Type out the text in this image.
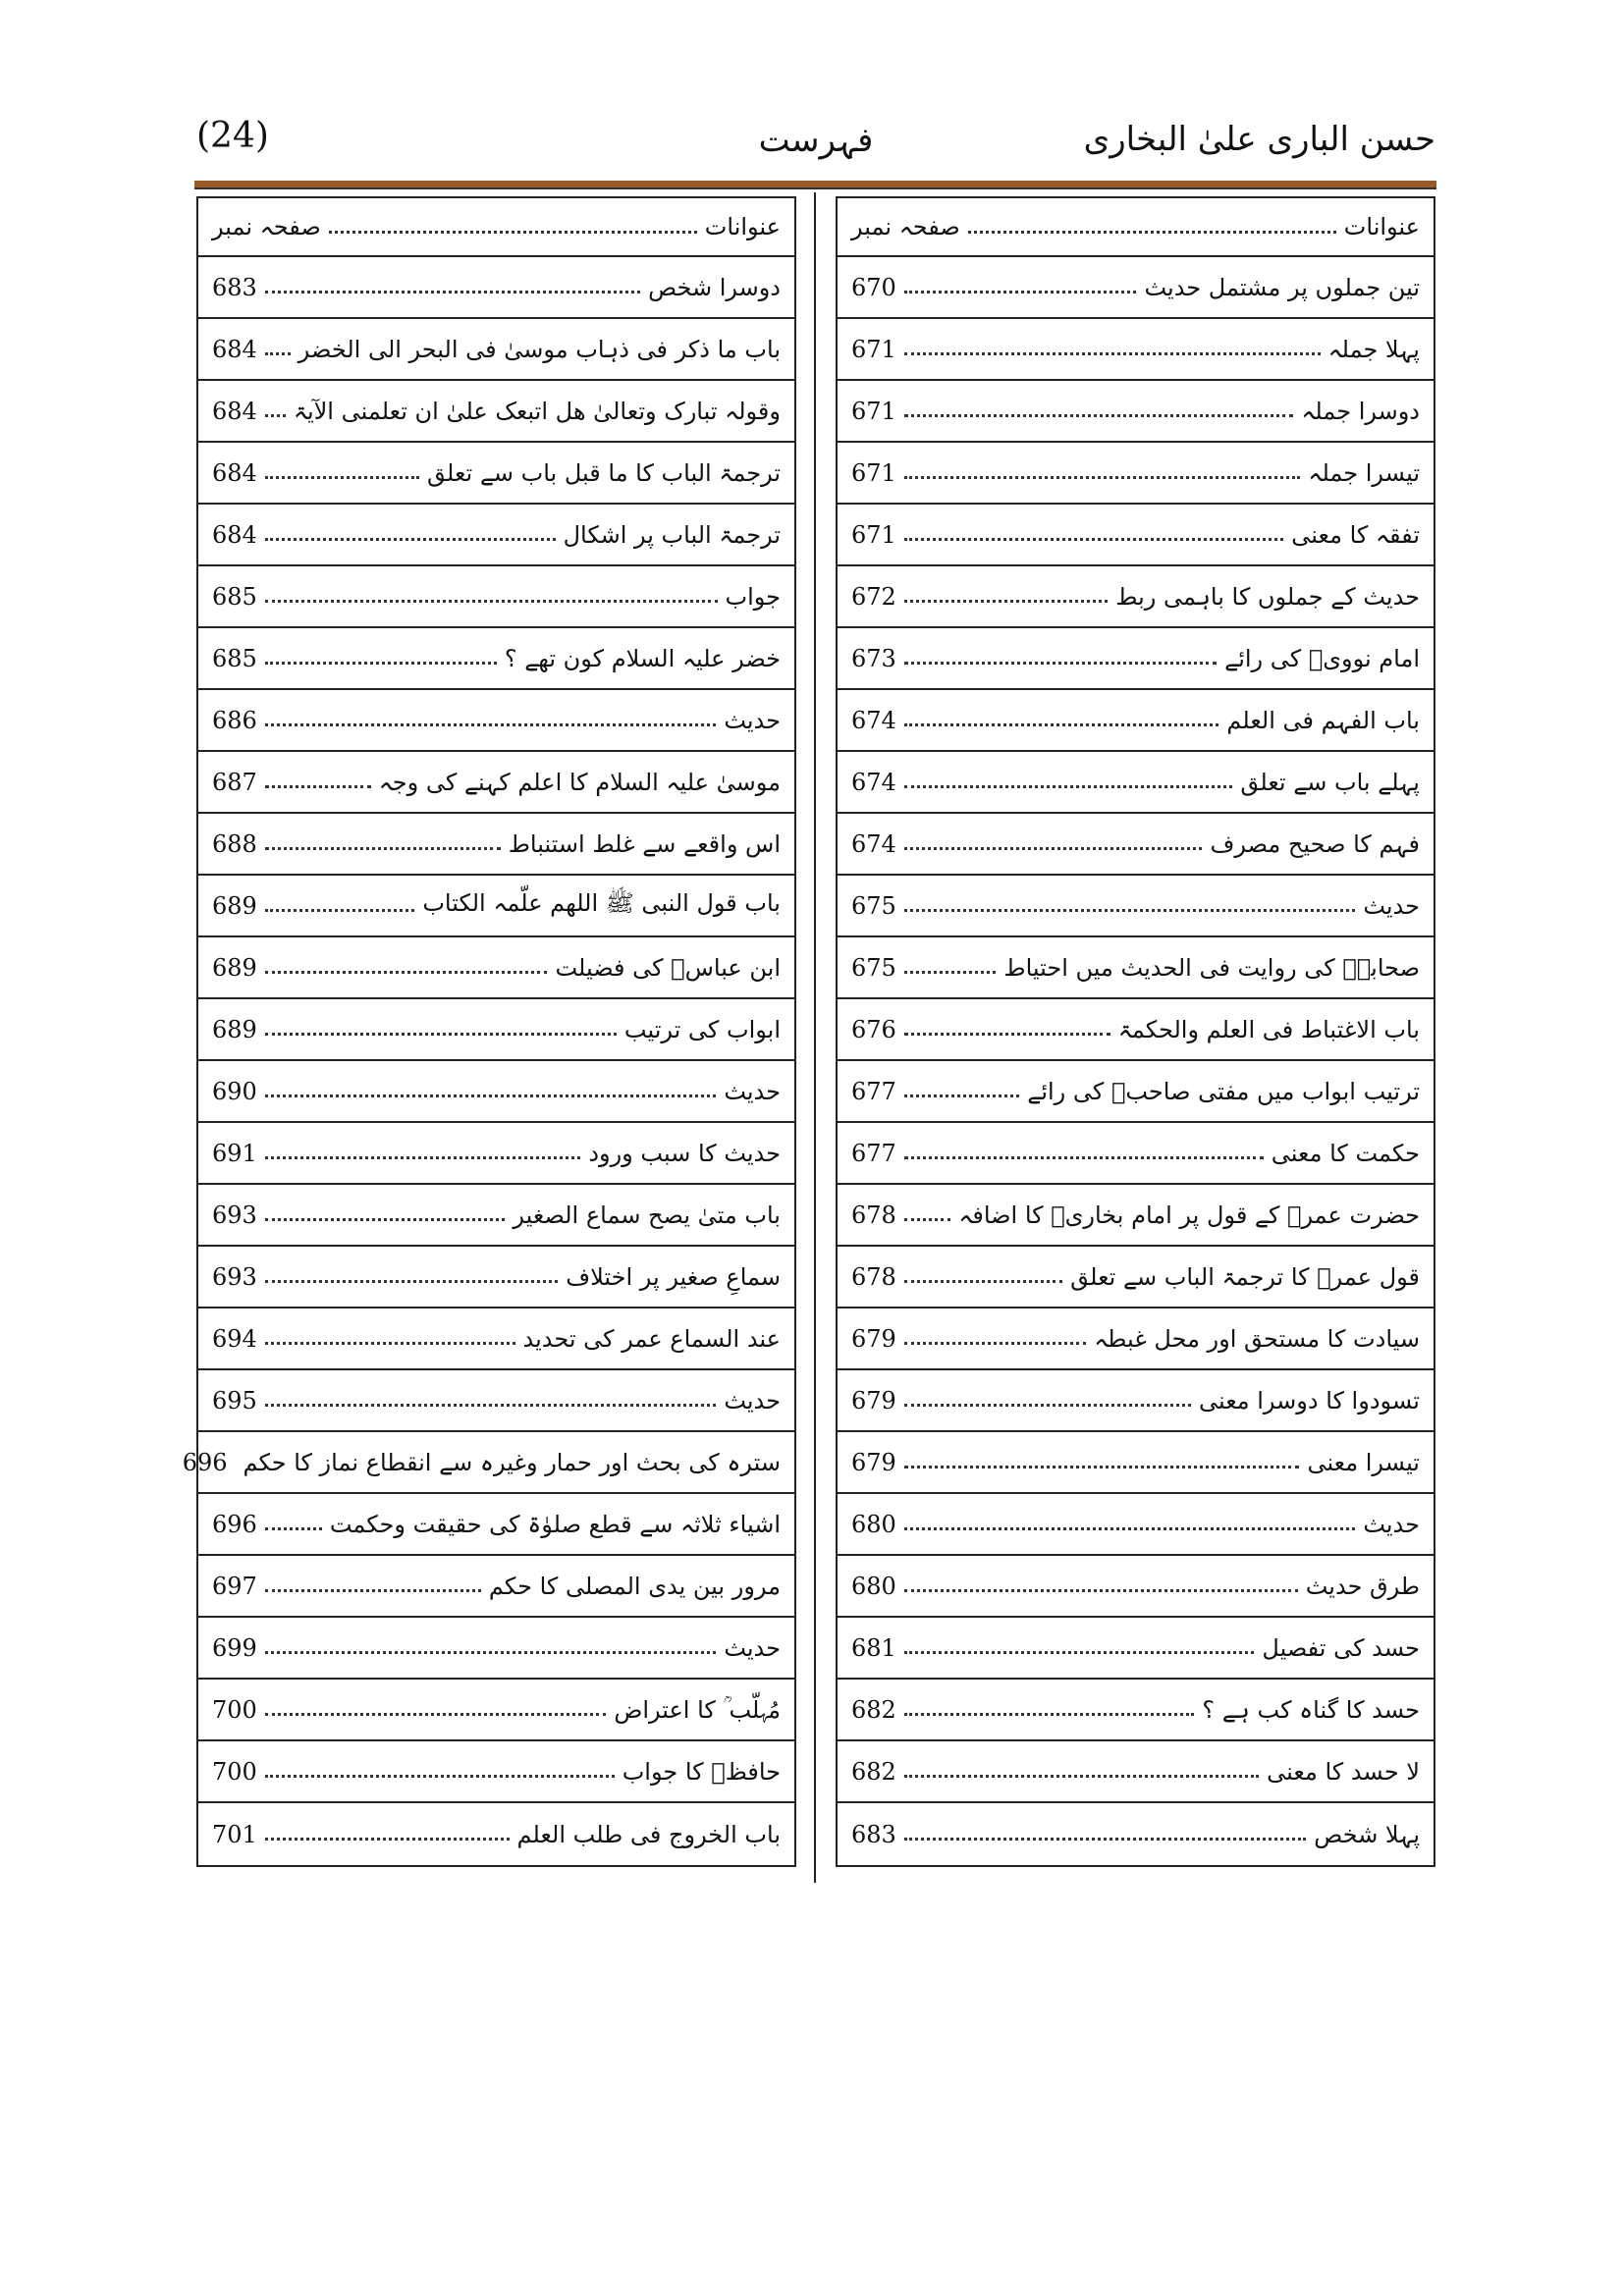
(24)	فہرست	حسن الباری علیٰ البخاری
عنوانات
صفحہ نمبر
دوسرا شخص
683
باب ما ذکر فی ذہاب موسیٰ فی البحر الی الخضر
684
وقولہ تبارک وتعالیٰ ھل اتبعک علیٰ ان تعلمنی الآیۃ
684
ترجمۃ الباب کا ما قبل باب سے تعلق
684
ترجمۃ الباب پر اشکال
684
جواب
685
خضر علیہ السلام کون تھے ؟
685
حدیث
686
موسیٰ علیہ السلام کا اعلم کہنے کی وجہ
687
اس واقعے سے غلط استنباط
688
باب قول النبی ﷺ اللھم علّمہ الکتاب
689
ابن عباسؓ کی فضیلت
689
ابواب کی ترتیب
689
حدیث
690
حدیث کا سبب ورود
691
باب متیٰ یصح سماع الصغیر
693
سماعِ صغیر پر اختلاف
693
عند السماع عمر کی تحدید
694
حدیث
695
سترہ کی بحث اور حمار وغیرہ سے انقطاع نماز کا حکم
696
اشیاء ثلاثہ سے قطع صلوٰۃ کی حقیقت وحکمت
696
مرور بین یدی المصلی کا حکم
697
حدیث
699
مُہلّب ؒ کا اعتراض
700
حافظؒ کا جواب
700
باب الخروج فی طلب العلم
701
عنوانات
صفحہ نمبر
تین جملوں پر مشتمل حدیث
670
پہلا جملہ
671
دوسرا جملہ
671
تیسرا جملہ
671
تفقہ کا معنی
671
حدیث کے جملوں کا باہمی ربط
672
امام نوویؒ کی رائے
673
باب الفہم فی العلم
674
پہلے باب سے تعلق
674
فہم کا صحیح مصرف
674
حدیث
675
صحابہؓ کی روایت فی الحدیث میں احتیاط
675
باب الاغتباط فی العلم والحکمۃ
676
ترتیب ابواب میں مفتی صاحبؒ کی رائے
677
حکمت کا معنی
677
حضرت عمرؓ کے قول پر امام بخاریؒ کا اضافہ
678
قول عمرؓ کا ترجمۃ الباب سے تعلق
678
سیادت کا مستحق اور محل غبطہ
679
تسودوا کا دوسرا معنی
679
تیسرا معنی
679
حدیث
680
طرق حدیث
680
حسد کی تفصیل
681
حسد کا گناہ کب ہے ؟
682
لا حسد کا معنی
682
پہلا شخص
683
